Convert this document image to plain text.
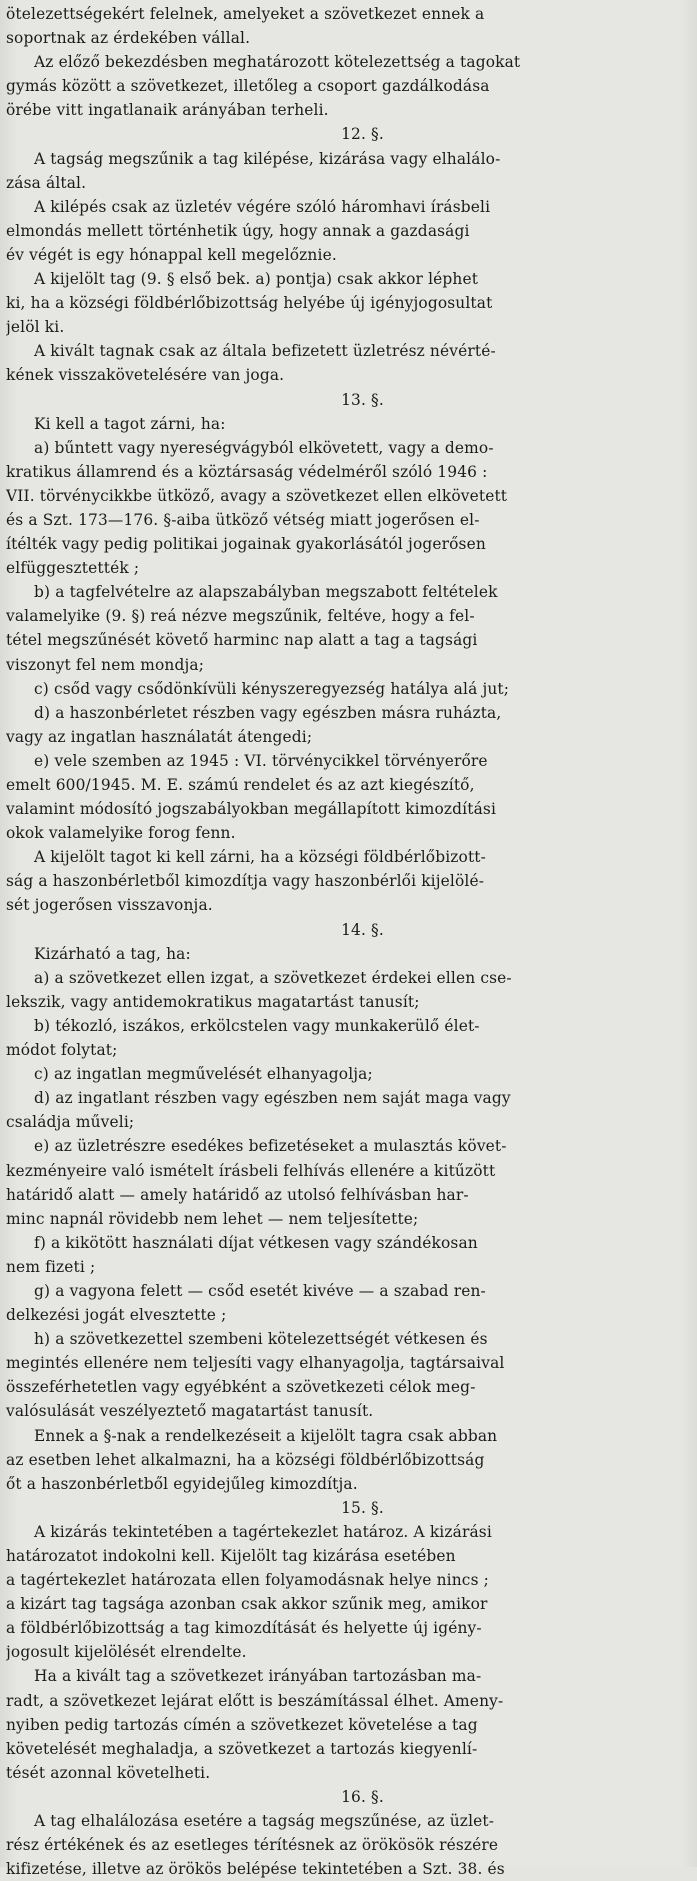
ötelezettségekért felelnek, amelyeket a szövetkezet ennek a
soportnak az érdekében vállal.
Az előző bekezdésben meghatározott kötelezettség a tagokat
gymás között a szövetkezet, illetőleg a csoport gazdálkodása
örébe vitt ingatlanaik arányában terheli.
12. §.
A tagság megszűnik a tag kilépése, kizárása vagy elhalálo-
zása által.
A kilépés csak az üzletév végére szóló háromhavi írásbeli
elmondás mellett történhetik úgy, hogy annak a gazdasági
év végét is egy hónappal kell megelőznie.
A kijelölt tag (9. § első bek. a) pontja) csak akkor léphet
ki, ha a községi földbérlőbizottság helyébe új igényjogosultat
jelöl ki.
A kivált tagnak csak az általa befizetett üzletrész névérté-
kének visszakövetelésére van joga.
13. §.
Ki kell a tagot zárni, ha:
a) bűntett vagy nyereségvágyból elkövetett, vagy a demo-
kratikus államrend és a köztársaság védelméről szóló 1946 :
VII. törvénycikkbe ütköző, avagy a szövetkezet ellen elkövetett
és a Szt. 173—176. §-aiba ütköző vétség miatt jogerősen el-
ítélték vagy pedig politikai jogainak gyakorlásától jogerősen
elfüggesztették ;
b) a tagfelvételre az alapszabályban megszabott feltételek
valamelyike (9. §) reá nézve megszűnik, feltéve, hogy a fel-
tétel megszűnését követő harminc nap alatt a tag a tagsági
viszonyt fel nem mondja;
c) csőd vagy csődönkívüli kényszeregyezség hatálya alá jut;
d) a haszonbérletet részben vagy egészben másra ruházta,
vagy az ingatlan használatát átengedi;
e) vele szemben az 1945 : VI. törvénycikkel törvényerőre
emelt 600/1945. M. E. számú rendelet és az azt kiegészítő,
valamint módosító jogszabályokban megállapított kimozdítási
okok valamelyike forog fenn.
A kijelölt tagot ki kell zárni, ha a községi földbérlőbizott-
ság a haszonbérletből kimozdítja vagy haszonbérlői kijelölé-
sét jogerősen visszavonja.
14. §.
Kizárható a tag, ha:
a) a szövetkezet ellen izgat, a szövetkezet érdekei ellen cse-
lekszik, vagy antidemokratikus magatartást tanusít;
b) tékozló, iszákos, erkölcstelen vagy munkakerülő élet-
módot folytat;
c) az ingatlan megművelését elhanyagolja;
d) az ingatlant részben vagy egészben nem saját maga vagy
családja műveli;
e) az üzletrészre esedékes befizetéseket a mulasztás követ-
kezményeire való ismételt írásbeli felhívás ellenére a kitűzött
határidő alatt — amely határidő az utolsó felhívásban har-
minc napnál rövidebb nem lehet — nem teljesítette;
f) a kikötött használati díjat vétkesen vagy szándékosan
nem fizeti ;
g) a vagyona felett — csőd esetét kivéve — a szabad ren-
delkezési jogát elvesztette ;
h) a szövetkezettel szembeni kötelezettségét vétkesen és
megintés ellenére nem teljesíti vagy elhanyagolja, tagtársaival
összeférhetetlen vagy egyébként a szövetkezeti célok meg-
valósulását veszélyeztető magatartást tanusít.
Ennek a §-nak a rendelkezéseit a kijelölt tagra csak abban
az esetben lehet alkalmazni, ha a községi földbérlőbizottság
őt a haszonbérletből egyidejűleg kimozdítja.
15. §.
A kizárás tekintetében a tagértekezlet határoz. A kizárási
határozatot indokolni kell. Kijelölt tag kizárása esetében
a tagértekezlet határozata ellen folyamodásnak helye nincs ;
a kizárt tag tagsága azonban csak akkor szűnik meg, amikor
a földbérlőbizottság a tag kimozdítását és helyette új igény-
jogosult kijelölését elrendelte.
Ha a kivált tag a szövetkezet irányában tartozásban ma-
radt, a szövetkezet lejárat előtt is beszámítással élhet. Ameny-
nyiben pedig tartozás címén a szövetkezet követelése a tag
követelését meghaladja, a szövetkezet a tartozás kiegyenlí-
tését azonnal követelheti.
16. §.
A tag elhalálozása esetére a tagság megszűnése, az üzlet-
rész értékének és az esetleges térítésnek az örökösök részére
kifizetése, illetve az örökös belépése tekintetében a Szt. 38. és
